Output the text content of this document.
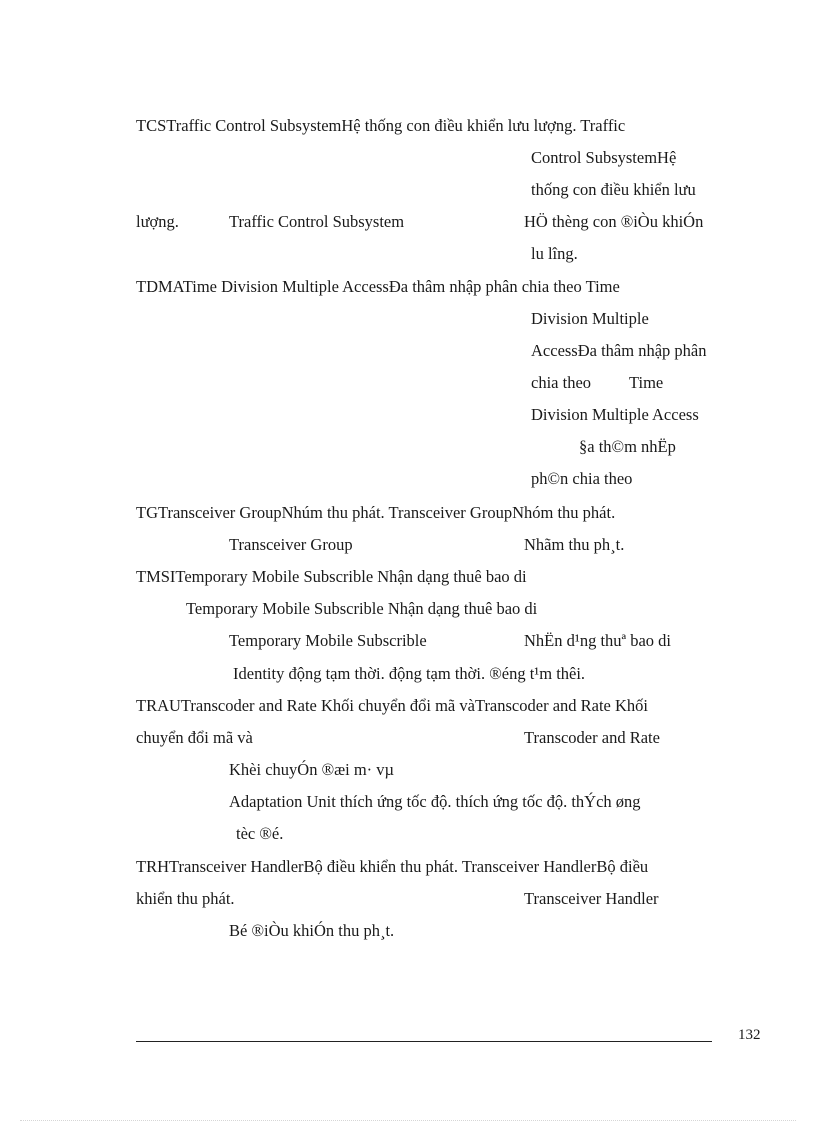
TCSTraffic Control SubsystemHệ thống con điều khiển lưu lượng. Traffic
Control SubsystemHệ
thống con điều khiển lưu
lượng.	Traffic Control Subsystem	HÖ thèng con ®iÒu khiÓn
lu lîng.
TDMATime Division Multiple AccessĐa thâm nhập phân chia theo Time
Division Multiple
AccessĐa thâm nhập phân
chia theo Time
Division Multiple Access
§a th©m nhËp
ph©n chia theo
TGTransceiver GroupNhúm thu phát. Transceiver GroupNhóm thu phát.
Transceiver Group	Nhãm thu ph¸t.
TMSITemporary Mobile Subscrible Nhận dạng thuê bao di
Temporary Mobile Subscrible Nhận dạng thuê bao di
Temporary Mobile Subscrible	NhËn d¹ng thuª bao di
Identity động tạm thời. động tạm thời. ®éng t¹m thêi.
TRAUTranscoder and Rate Khối chuyển đổi mã vàTranscoder and Rate Khối
chuyển đổi mã và	Transcoder and Rate
Khèi chuyÓn ®æi m· vµ
Adaptation Unit thích ứng tốc độ. thích ứng tốc độ. thÝch øng
tèc ®é.
TRHTransceiver HandlerBộ điều khiển thu phát. Transceiver HandlerBộ điều
khiển thu phát.	Transceiver Handler
Bé ®iÒu khiÓn thu ph¸t.
132
